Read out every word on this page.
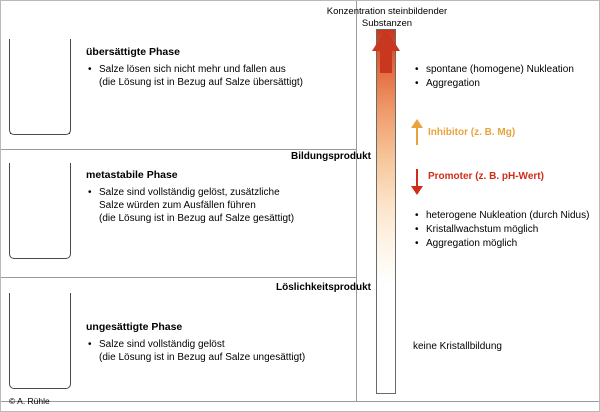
übersättigte Phase
• Salze lösen sich nicht mehr und fallen aus
(die Lösung ist in Bezug auf Salze übersättigt)
metastabile Phase
• Salze sind vollständig gelöst, zusätzliche
Salze würden zum Ausfällen führen
(die Lösung ist in Bezug auf Salze gesättigt)
ungesättigte Phase
• Salze sind vollständig gelöst
(die Lösung ist in Bezug auf Salze ungesättigt)
Konzentration steinbildender
Substanzen
Bildungsprodukt
Löslichkeitsprodukt
Inhibitor (z. B. Mg)
Promoter (z. B. pH-Wert)
• spontane (homogene) Nukleation
• Aggregation
• heterogene Nukleation (durch Nidus)
• Kristallwachstum möglich
• Aggregation möglich
keine Kristallbildung
© A. Rühle
